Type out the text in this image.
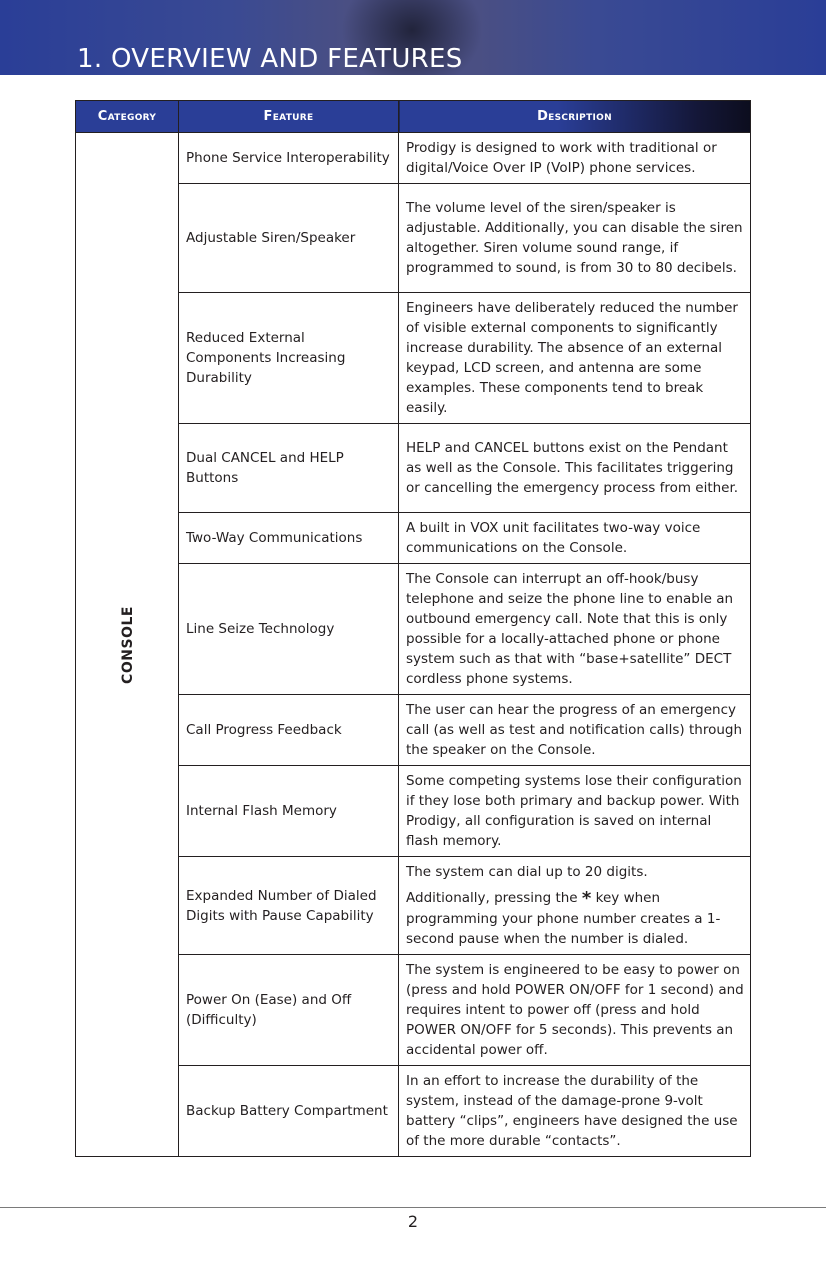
1. OVERVIEW AND FEATURES
Category	Feature	Description
CONSOLE	Phone Service Interoperability	Prodigy is designed to work with traditional or digital/Voice Over IP (VoIP) phone services.
	Adjustable Siren/Speaker	The volume level of the siren/speaker is adjustable. Additionally, you can disable the siren altogether. Siren volume sound range, if programmed to sound, is from 30 to 80 decibels.
	Reduced External Components Increasing Durability	Engineers have deliberately reduced the number of visible external components to significantly increase durability. The absence of an external keypad, LCD screen, and antenna are some examples. These components tend to break easily.
	Dual CANCEL and HELP Buttons	HELP and CANCEL buttons exist on the Pendant as well as the Console. This facilitates triggering or cancelling the emergency process from either.
	Two-Way Communications	A built in VOX unit facilitates two-way voice communications on the Console.
	Line Seize Technology	The Console can interrupt an off-hook/busy telephone and seize the phone line to enable an outbound emergency call. Note that this is only possible for a locally-attached phone or phone system such as that with “base+satellite” DECT cordless phone systems.
	Call Progress Feedback	The user can hear the progress of an emergency call (as well as test and notification calls) through the speaker on the Console.
	Internal Flash Memory	Some competing systems lose their configuration if they lose both primary and backup power. With Prodigy, all configuration is saved on internal flash memory.
	Expanded Number of Dialed Digits with Pause Capability	The system can dial up to 20 digits.
Additionally, pressing the * key when programming your phone number creates a 1-second pause when the number is dialed.

	Power On (Ease) and Off (Difficulty)	The system is engineered to be easy to power on (press and hold POWER ON/OFF for 1 second) and requires intent to power off (press and hold POWER ON/OFF for 5 seconds). This prevents an accidental power off.
	Backup Battery Compartment	In an effort to increase the durability of the system, instead of the damage-prone 9-volt battery “clips”, engineers have designed the use of the more durable “contacts”.
2
